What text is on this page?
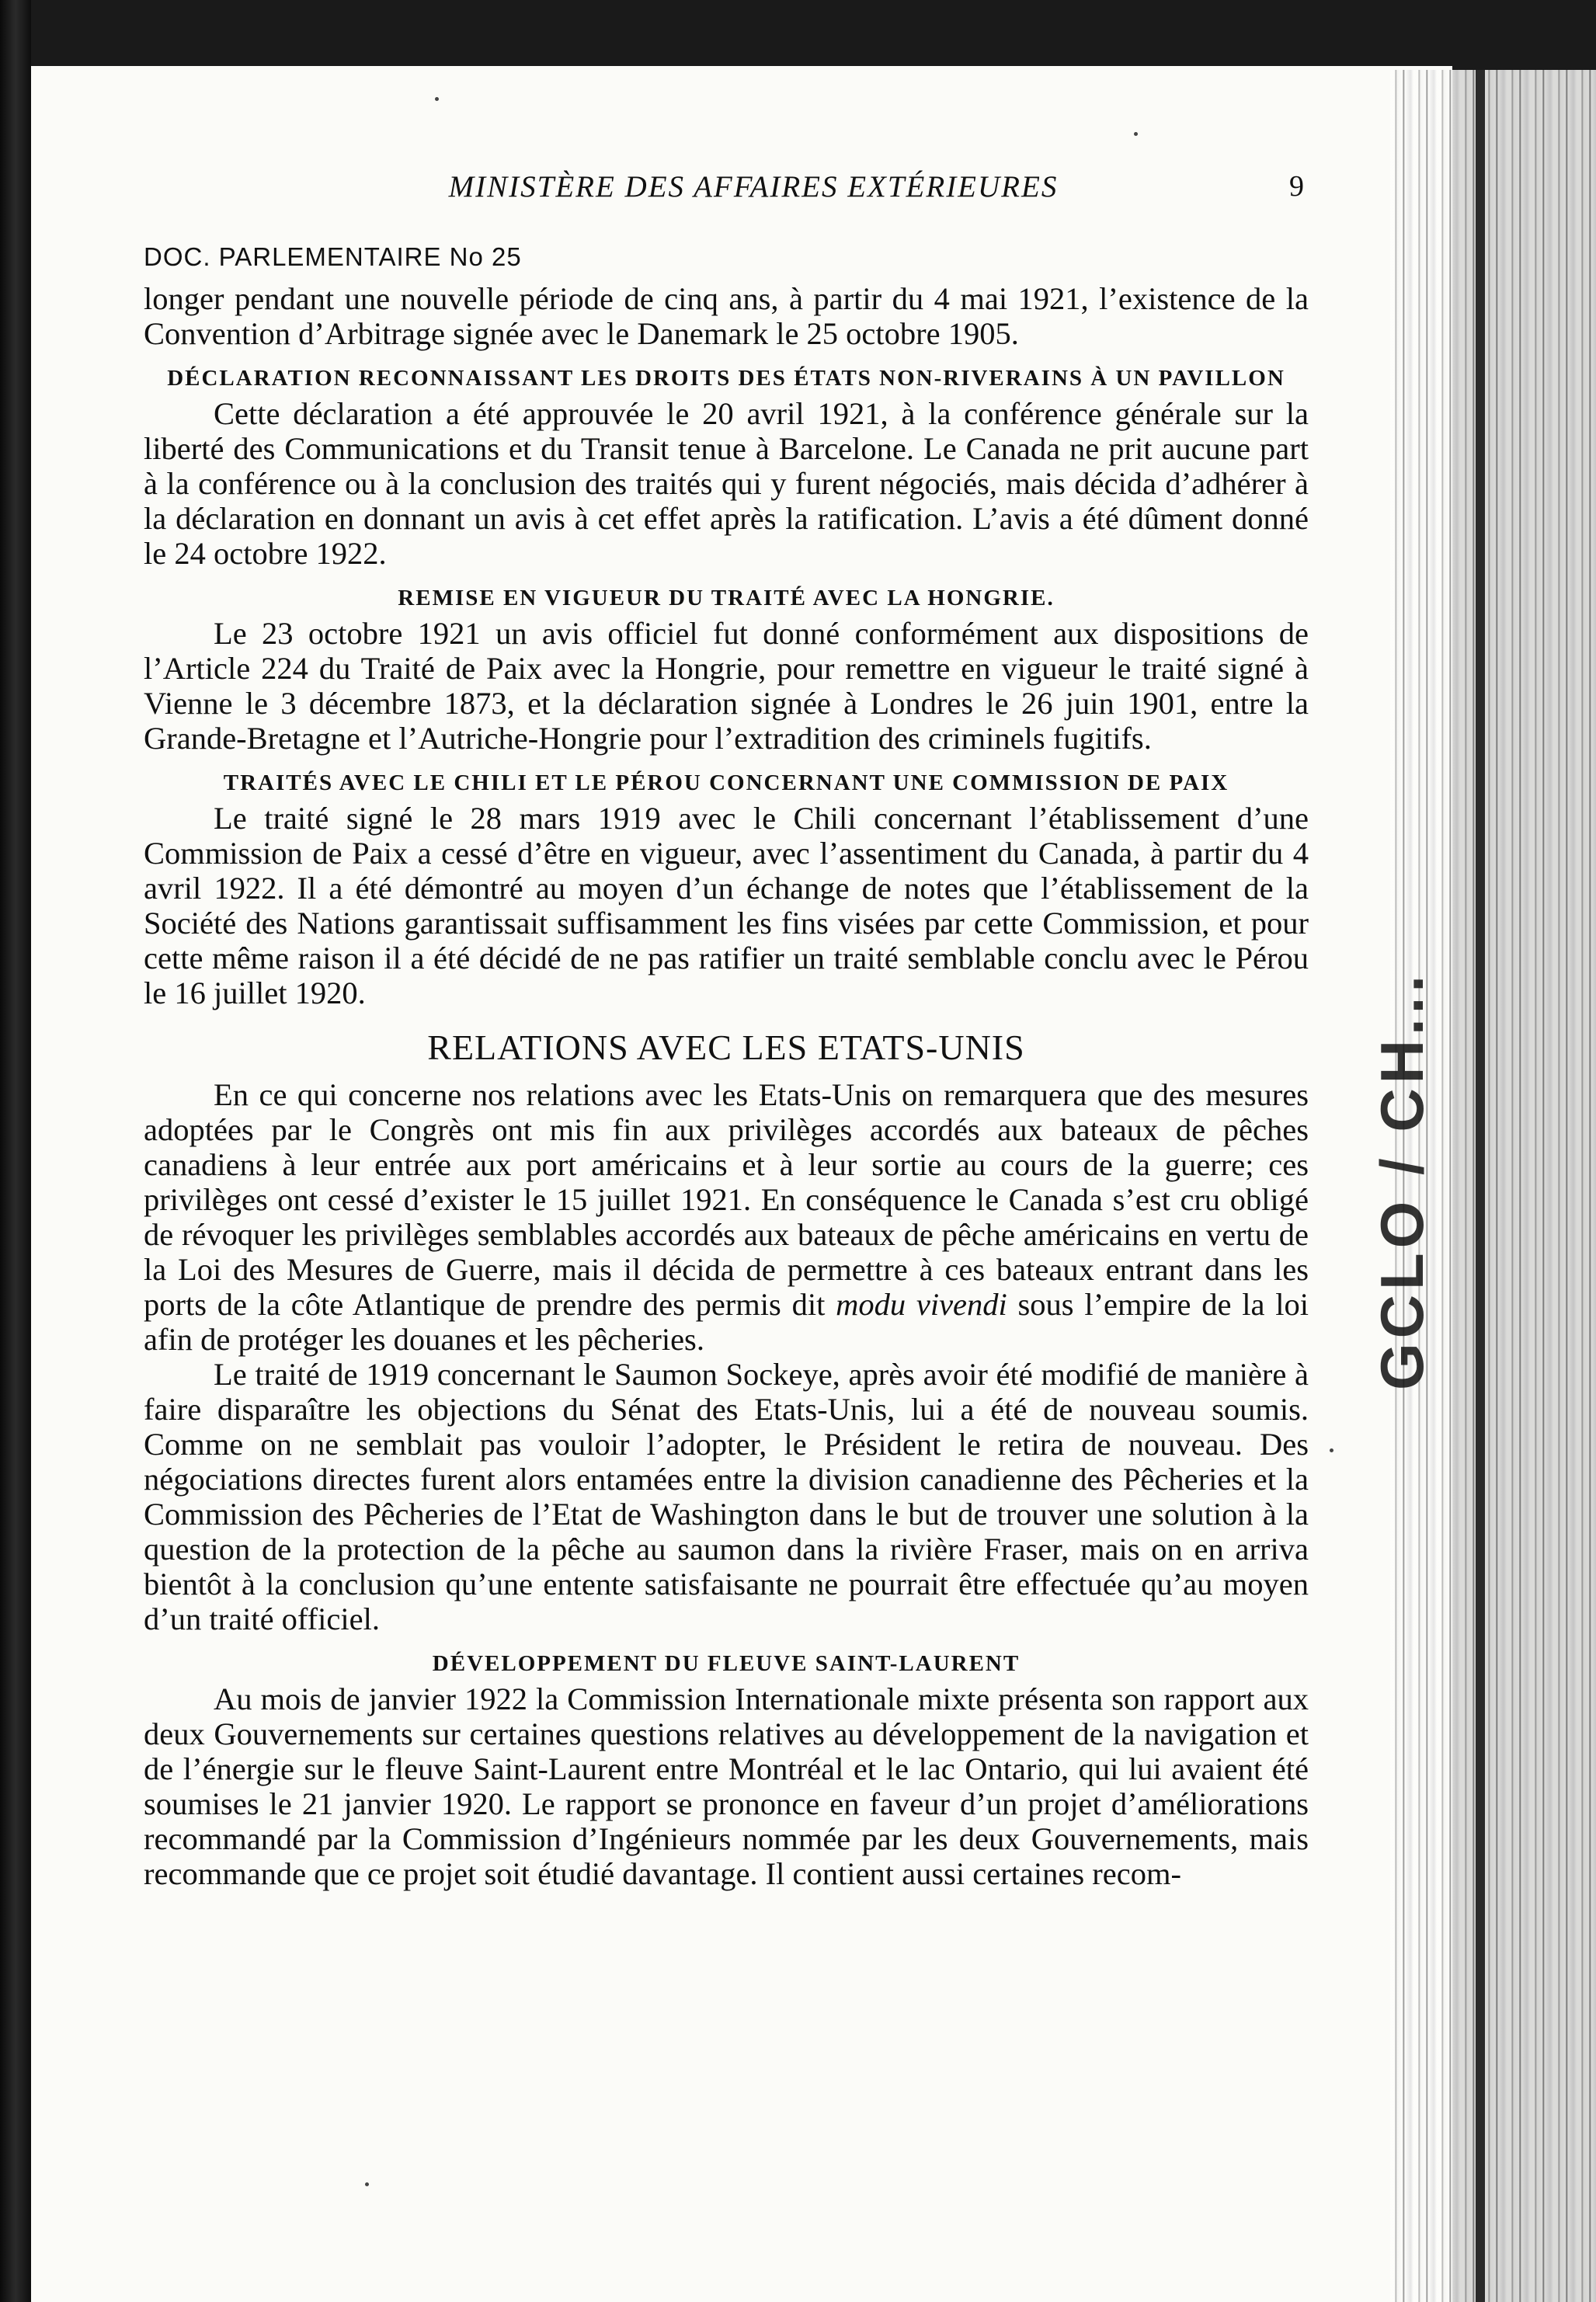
GCLO / CH...
MINISTÈRE DES AFFAIRES EXTÉRIEURES	9
DOC. PARLEMENTAIRE No 25

longer pendant une nouvelle période de cinq ans, à partir du 4 mai 1921, l’existence de la Convention d’Arbitrage signée avec le Danemark le 25 octobre 1905.

DÉCLARATION RECONNAISSANT LES DROITS DES ÉTATS NON-RIVERAINS À UN PAVILLON

Cette déclaration a été approuvée le 20 avril 1921, à la conférence générale sur la liberté des Communications et du Transit tenue à Barcelone. Le Canada ne prit aucune part à la conférence ou à la conclusion des traités qui y furent négociés, mais décida d’adhérer à la déclaration en donnant un avis à cet effet après la ratification. L’avis a été dûment donné le 24 octobre 1922.

REMISE EN VIGUEUR DU TRAITÉ AVEC LA HONGRIE.

Le 23 octobre 1921 un avis officiel fut donné conformément aux dispositions de l’Article 224 du Traité de Paix avec la Hongrie, pour remettre en vigueur le traité signé à Vienne le 3 décembre 1873, et la déclaration signée à Londres le 26 juin 1901, entre la Grande-Bretagne et l’Autriche-Hongrie pour l’extradition des criminels fugitifs.

TRAITÉS AVEC LE CHILI ET LE PÉROU CONCERNANT UNE COMMISSION DE PAIX

Le traité signé le 28 mars 1919 avec le Chili concernant l’établissement d’une Commission de Paix a cessé d’être en vigueur, avec l’assentiment du Canada, à partir du 4 avril 1922. Il a été démontré au moyen d’un échange de notes que l’établissement de la Société des Nations garantissait suffisamment les fins visées par cette Commission, et pour cette même raison il a été décidé de ne pas ratifier un traité semblable conclu avec le Pérou le 16 juillet 1920.

RELATIONS AVEC LES ETATS-UNIS

En ce qui concerne nos relations avec les Etats-Unis on remarquera que des mesures adoptées par le Congrès ont mis fin aux privilèges accordés aux bateaux de pêches canadiens à leur entrée aux port américains et à leur sortie au cours de la guerre; ces privilèges ont cessé d’exister le 15 juillet 1921. En conséquence le Canada s’est cru obligé de révoquer les privilèges semblables accordés aux bateaux de pêche américains en vertu de la Loi des Mesures de Guerre, mais il décida de permettre à ces bateaux entrant dans les ports de la côte Atlantique de prendre des permis dit modu vivendi sous l’empire de la loi afin de protéger les douanes et les pêcheries.

Le traité de 1919 concernant le Saumon Sockeye, après avoir été modifié de manière à faire disparaître les objections du Sénat des Etats-Unis, lui a été de nouveau soumis. Comme on ne semblait pas vouloir l’adopter, le Président le retira de nouveau. Des négociations directes furent alors entamées entre la division canadienne des Pêcheries et la Commission des Pêcheries de l’Etat de Washington dans le but de trouver une solution à la question de la protection de la pêche au saumon dans la rivière Fraser, mais on en arriva bientôt à la conclusion qu’une entente satisfaisante ne pourrait être effectuée qu’au moyen d’un traité officiel.

DÉVELOPPEMENT DU FLEUVE SAINT-LAURENT

Au mois de janvier 1922 la Commission Internationale mixte présenta son rapport aux deux Gouvernements sur certaines questions relatives au développement de la navigation et de l’énergie sur le fleuve Saint-Laurent entre Montréal et le lac Ontario, qui lui avaient été soumises le 21 janvier 1920. Le rapport se prononce en faveur d’un projet d’améliorations recommandé par la Commission d’Ingénieurs nommée par les deux Gouvernements, mais recommande que ce projet soit étudié davantage. Il contient aussi certaines recom-
